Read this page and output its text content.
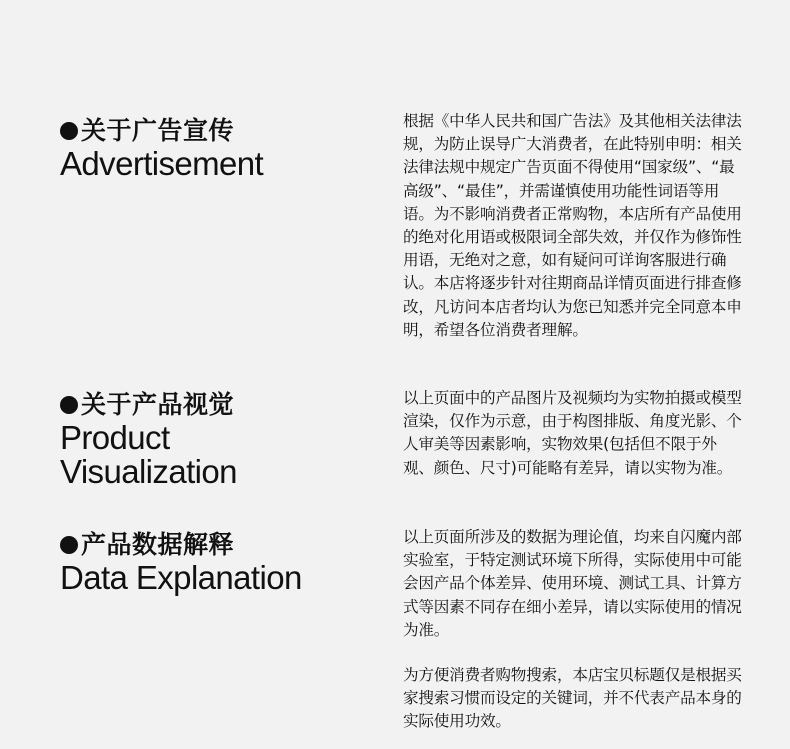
关于广告宣传
Advertisement

根据《中华人民共和国广告法》及其他相关法律法规，为防止误导广大消费者，在此特别申明：相关法律法规中规定广告页面不得使用“国家级”、“最高级”、“最佳”，并需谨慎使用功能性词语等用语。为不影响消费者正常购物，本店所有产品使用的绝对化用语或极限词全部失效，并仅作为修饰性用语，无绝对之意，如有疑问可详询客服进行确认。本店将逐步针对往期商品详情页面进行排查修改，凡访问本店者均认为您已知悉并完全同意本申明，希望各位消费者理解。

关于产品视觉
Product
Visualization

以上页面中的产品图片及视频均为实物拍摄或模型渲染，仅作为示意，由于构图排版、角度光影、个人审美等因素影响，实物效果(包括但不限于外观、颜色、尺寸)可能略有差异，请以实物为准。

产品数据解释
Data Explanation

以上页面所涉及的数据为理论值，均来自闪魔内部实验室，于特定测试环境下所得，实际使用中可能会因产品个体差异、使用环境、测试工具、计算方式等因素不同存在细小差异，请以实际使用的情况为准。

为方便消费者购物搜索，本店宝贝标题仅是根据买家搜索习惯而设定的关键词，并不代表产品本身的实际使用功效。
